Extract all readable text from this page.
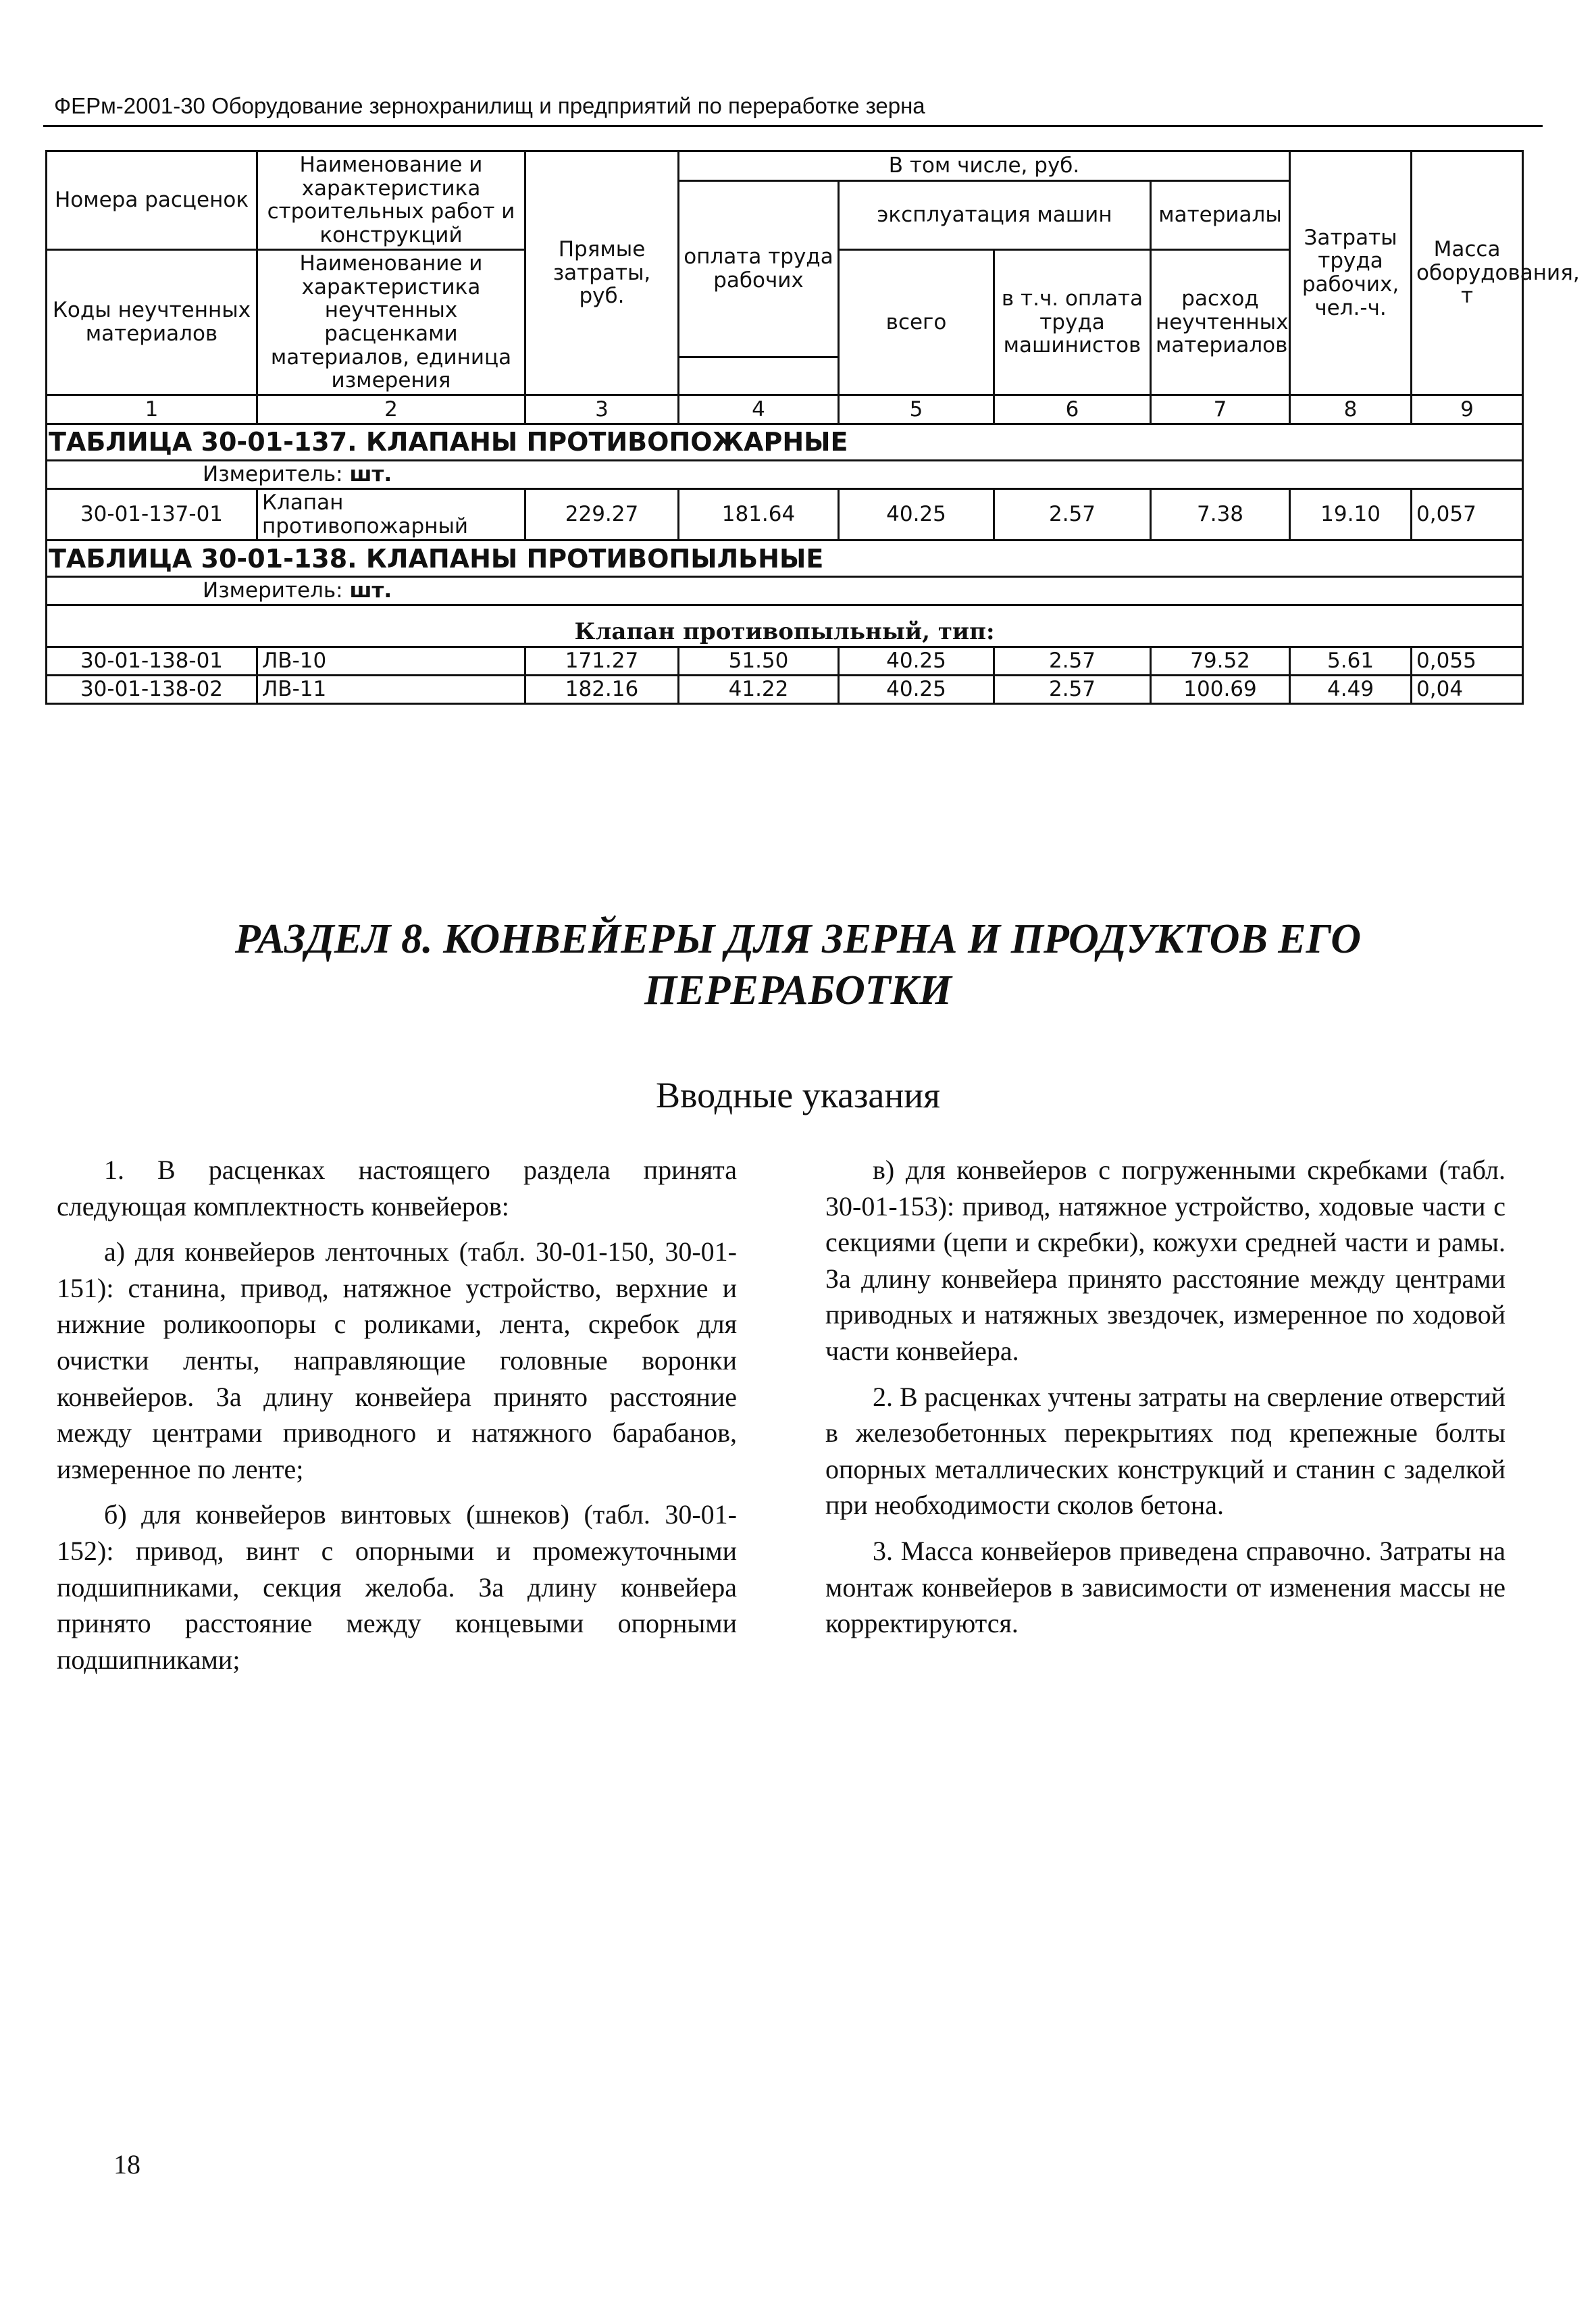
ФЕРм-2001-30 Оборудование зернохранилищ и предприятий по переработке зерна
Номера расценок	Наименование и характеристика строительных работ и конструкций	Прямые затраты, руб.	В том числе, руб.				Затраты труда рабочих, чел.-ч.	Масса оборудования, т
			оплата труда рабочих	эксплуатация машин		материалы		

Коды неучтенных материалов	Наименование и характеристика неучтенных расценками материалов, единица измерения			всего	в т.ч. оплата труда машинистов	расход неучтенных материалов		

1	2	3	4	5	6	7	8	9
ТАБЛИЦА 30-01-137. КЛАПАНЫ ПРОТИВОПОЖАРНЫЕ								
Измеритель: шт.								
30-01-137-01	Клапан противопожарный	229.27	181.64	40.25	2.57	7.38	19.10	0,057
ТАБЛИЦА 30-01-138. КЛАПАНЫ ПРОТИВОПЫЛЬНЫЕ								
Измеритель: шт.								
Клапан противопыльный, тип:								
30-01-138-01	ЛВ-10	171.27	51.50	40.25	2.57	79.52	5.61	0,055
30-01-138-02	ЛВ-11	182.16	41.22	40.25	2.57	100.69	4.49	0,04
РАЗДЕЛ 8. КОНВЕЙЕРЫ ДЛЯ ЗЕРНА И ПРОДУКТОВ ЕГО
ПЕРЕРАБОТКИ
Вводные указания

1. В расценках настоящего раздела принята следующая комплектность конвейеров:

а) для конвейеров ленточных (табл. 30-01-150, 30-01-151): станина, привод, натяжное устройство, верхние и нижние роликоопоры с роликами, лента, скребок для очистки ленты, направляющие головные воронки конвейеров. За длину конвейера принято расстояние между центрами приводного и натяжного барабанов, измеренное по ленте;

б) для конвейеров винтовых (шнеков) (табл. 30-01-152): привод, винт с опорными и промежуточными подшипниками, секция желоба. За длину конвейера принято расстояние между концевыми опорными подшипниками;

в) для конвейеров с погруженными скребками (табл. 30-01-153): привод, натяжное устройство, ходовые части с секциями (цепи и скребки), кожухи средней части и рамы. За длину конвейера принято расстояние между центрами приводных и натяжных звездочек, измеренное по ходовой части конвейера.

2. В расценках учтены затраты на сверление отверстий в железобетонных перекрытиях под крепежные болты опорных металлических конструкций и станин с заделкой при необходимости сколов бетона.

3. Масса конвейеров приведена справочно. Затраты на монтаж конвейеров в зависимости от изменения массы не корректируются.

18
